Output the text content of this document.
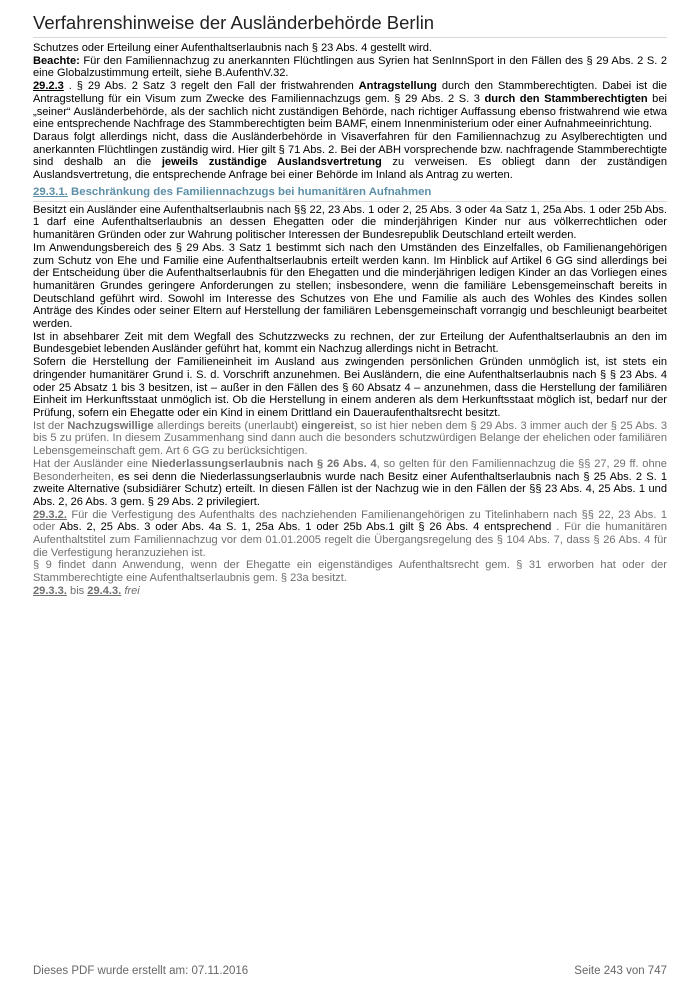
Verfahrenshinweise der Ausländerbehörde Berlin

Schutzes oder Erteilung einer Aufenthaltserlaubnis nach § 23 Abs. 4 gestellt wird.

Beachte: Für den Familiennachzug zu anerkannten Flüchtlingen aus Syrien hat SenInnSport in den Fällen des § 29 Abs. 2 S. 2 eine Globalzustimmung erteilt, siehe B.AufenthV.32.

29.2.3 . § 29 Abs. 2 Satz 3 regelt den Fall der fristwahrenden Antragstellung durch den Stammberechtigten. Dabei ist die Antragstellung für ein Visum zum Zwecke des Familiennachzugs gem. § 29 Abs. 2 S. 3 durch den Stammberechtigten bei „seiner“ Ausländerbehörde, als der sachlich nicht zuständigen Behörde, nach richtiger Auffassung ebenso fristwahrend wie etwa eine entsprechende Nachfrage des Stammberechtigten beim BAMF, einem Innenministerium oder einer Aufnahmeeinrichtung.

Daraus folgt allerdings nicht, dass die Ausländerbehörde in Visaverfahren für den Familiennachzug zu Asylberechtigten und anerkannten Flüchtlingen zuständig wird. Hier gilt § 71 Abs. 2. Bei der ABH vorsprechende bzw. nachfragende Stammberechtigte sind deshalb an die jeweils zuständige Auslandsvertretung zu verweisen. Es obliegt dann der zuständigen Auslandsvertretung, die entsprechende Anfrage bei einer Behörde im Inland als Antrag zu werten.

29.3.1. Beschränkung des Familiennachzugs bei humanitären Aufnahmen

Besitzt ein Ausländer eine Aufenthaltserlaubnis nach §§ 22, 23 Abs. 1 oder 2, 25 Abs. 3 oder 4a Satz 1, 25a Abs. 1 oder 25b Abs. 1 darf eine Aufenthaltserlaubnis an dessen Ehegatten oder die minderjährigen Kinder nur aus völkerrechtlichen oder humanitären Gründen oder zur Wahrung politischer Interessen der Bundesrepublik Deutschland erteilt werden.

Im Anwendungsbereich des § 29 Abs. 3 Satz 1 bestimmt sich nach den Umständen des Einzelfalles, ob Familienangehörigen zum Schutz von Ehe und Familie eine Aufenthaltserlaubnis erteilt werden kann. Im Hinblick auf Artikel 6 GG sind allerdings bei der Entscheidung über die Aufenthaltserlaubnis für den Ehegatten und die minderjährigen ledigen Kinder an das Vorliegen eines humanitären Grundes geringere Anforderungen zu stellen; insbesondere, wenn die familiäre Lebensgemeinschaft bereits in Deutschland geführt wird. Sowohl im Interesse des Schutzes von Ehe und Familie als auch des Wohles des Kindes sollen Anträge des Kindes oder seiner Eltern auf Herstellung der familiären Lebensgemeinschaft vorrangig und beschleunigt bearbeitet werden.

Ist in absehbarer Zeit mit dem Wegfall des Schutzzwecks zu rechnen, der zur Erteilung der Aufenthaltserlaubnis an den im Bundesgebiet lebenden Ausländer geführt hat, kommt ein Nachzug allerdings nicht in Betracht.

Sofern die Herstellung der Familieneinheit im Ausland aus zwingenden persönlichen Gründen unmöglich ist, ist stets ein dringender humanitärer Grund i. S. d. Vorschrift anzunehmen. Bei Ausländern, die eine Aufenthaltserlaubnis nach § § 23 Abs. 4 oder 25 Absatz 1 bis 3 besitzen, ist – außer in den Fällen des § 60 Absatz 4 – anzunehmen, dass die Herstellung der familiären Einheit im Herkunftsstaat unmöglich ist. Ob die Herstellung in einem anderen als dem Herkunftsstaat möglich ist, bedarf nur der Prüfung, sofern ein Ehegatte oder ein Kind in einem Drittland ein Daueraufenthaltsrecht besitzt.

Ist der Nachzugswillige allerdings bereits (unerlaubt) eingereist, so ist hier neben dem § 29 Abs. 3 immer auch der § 25 Abs. 3 bis 5 zu prüfen. In diesem Zusammenhang sind dann auch die besonders schutzwürdigen Belange der ehelichen oder familiären Lebensgemeinschaft gem. Art 6 GG zu berücksichtigen.

Hat der Ausländer eine Niederlassungserlaubnis nach § 26 Abs. 4, so gelten für den Familiennachzug die §§ 27, 29 ff. ohne Besonderheiten, es sei denn die Niederlassungserlaubnis wurde nach Besitz einer Aufenthaltserlaubnis nach § 25 Abs. 2 S. 1 zweite Alternative (subsidiärer Schutz) erteilt. In diesen Fällen ist der Nachzug wie in den Fällen der §§ 23 Abs. 4, 25 Abs. 1 und Abs. 2, 26 Abs. 3 gem. § 29 Abs. 2 privilegiert.

29.3.2. Für die Verfestigung des Aufenthalts des nachziehenden Familienangehörigen zu Titelinhabern nach §§ 22, 23 Abs. 1 oder Abs. 2, 25 Abs. 3 oder Abs. 4a S. 1, 25a Abs. 1 oder 25b Abs.1 gilt § 26 Abs. 4 entsprechend . Für die humanitären Aufenthaltstitel zum Familiennachzug vor dem 01.01.2005 regelt die Übergangsregelung des § 104 Abs. 7, dass § 26 Abs. 4 für die Verfestigung heranzuziehen ist.

§ 9 findet dann Anwendung, wenn der Ehegatte ein eigenständiges Aufenthaltsrecht gem. § 31 erworben hat oder der Stammberechtigte eine Aufenthaltserlaubnis gem. § 23a besitzt.

29.3.3. bis 29.4.3. frei

Dieses PDF wurde erstellt am: 07.11.2016	Seite 243 von 747
